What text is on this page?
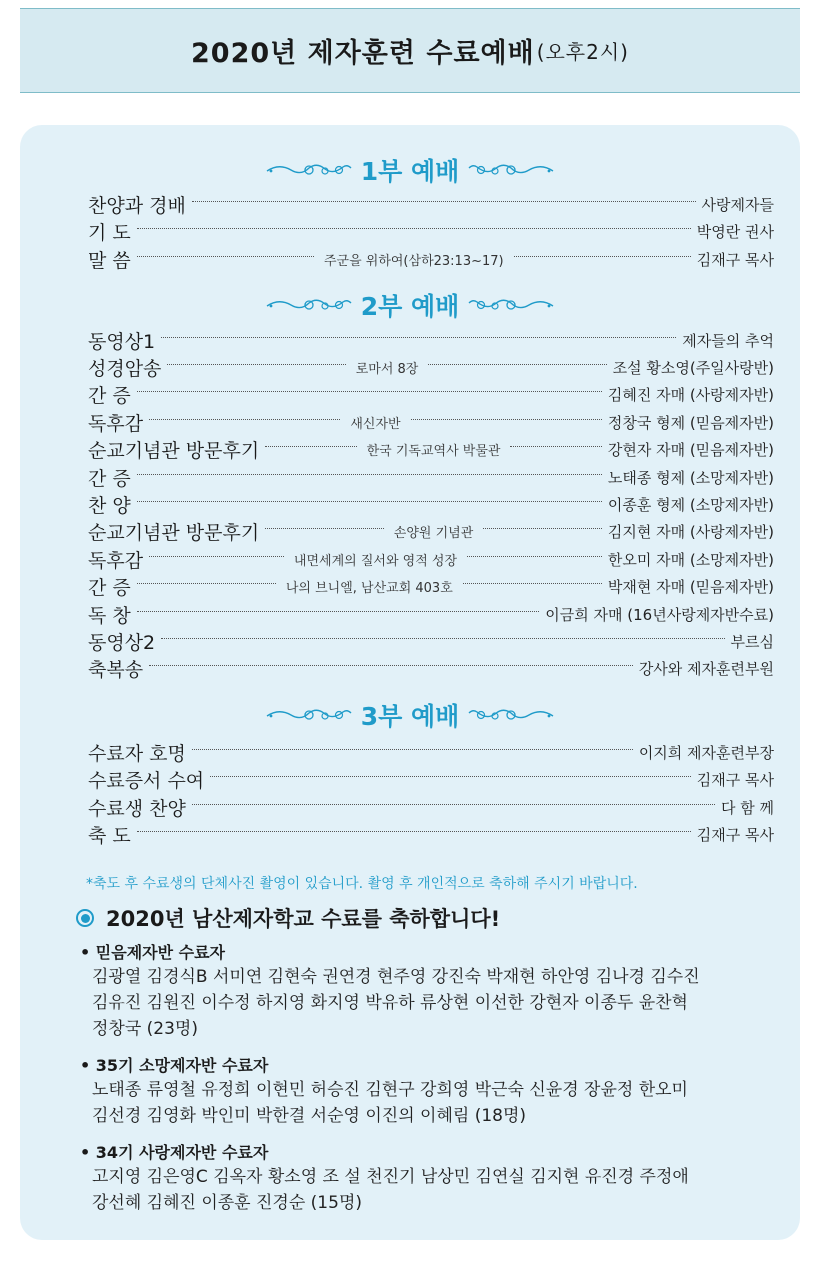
2020년 제자훈련 수료예배 (오후2시)
1부 예배
2부 예배
3부 예배
찬양과 경배	사랑제자들
기 도	박영란 권사
말 씀	주군을 위하여(삼하23:13~17)	김재구 목사
동영상1	제자들의 추억
성경암송	로마서 8장	조설 황소영(주일사랑반)
간 증	김혜진 자매 (사랑제자반)
독후감	새신자반	정창국 형제 (믿음제자반)
순교기념관 방문후기	한국 기독교역사 박물관	강현자 자매 (믿음제자반)
간 증	노태종 형제 (소망제자반)
찬 양	이종훈 형제 (소망제자반)
순교기념관 방문후기	손양원 기념관	김지현 자매 (사랑제자반)
독후감	내면세계의 질서와 영적 성장	한오미 자매 (소망제자반)
간 증	나의 브니엘, 남산교회 403호	박재현 자매 (믿음제자반)
독 창	이금희 자매 (16년사랑제자반수료)
동영상2	부르심
축복송	강사와 제자훈련부원
수료자 호명	이지희 제자훈련부장
수료증서 수여	김재구 목사
수료생 찬양	다 함 께
축 도	김재구 목사
*축도 후 수료생의 단체사진 촬영이 있습니다. 촬영 후 개인적으로 축하해 주시기 바랍니다.
2020년 남산제자학교 수료를 축하합니다!
• 믿음제자반 수료자
김광열 김경식B 서미연 김현숙 권연경 현주영 강진숙 박재현 하안영 김나경 김수진
김유진 김원진 이수정 하지영 화지영 박유하 류상현 이선한 강현자 이종두 윤찬혁
정창국 (23명)
• 35기 소망제자반 수료자
노태종 류영철 유정희 이현민 허승진 김현구 강희영 박근숙 신윤경 장윤정 한오미
김선경 김영화 박인미 박한결 서순영 이진의 이혜림 (18명)
• 34기 사랑제자반 수료자
고지영 김은영C 김옥자 황소영 조 설 천진기 남상민 김연실 김지현 유진경 주정애
강선혜 김혜진 이종훈 진경순 (15명)
